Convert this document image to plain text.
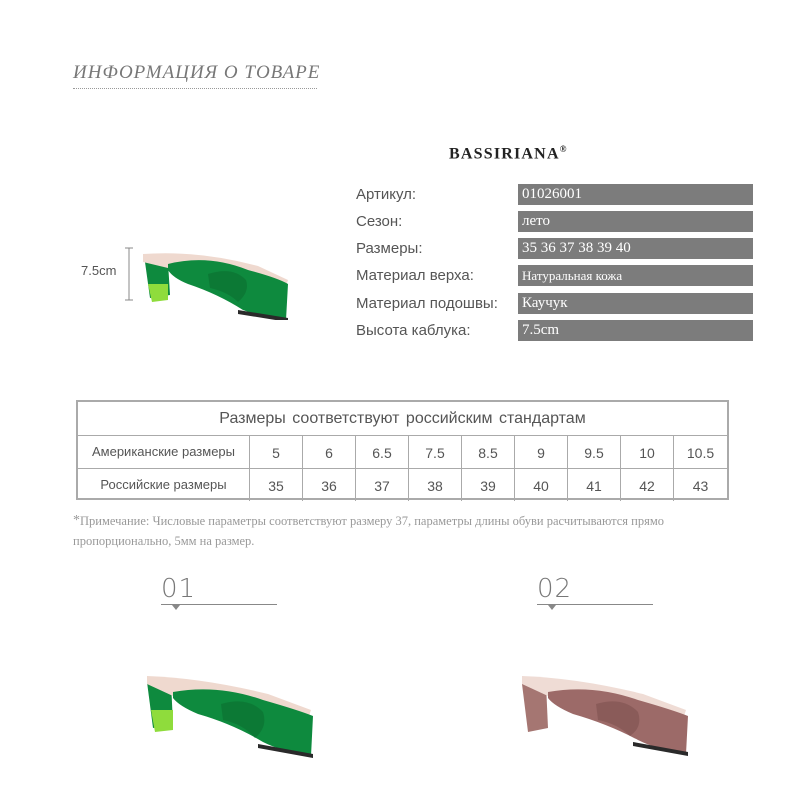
ИНФОРМАЦИЯ О ТОВАРЕ
BASSIRIANA®
Артикул:	01026001
Сезон:	лето
Размеры:	35 36 37 38 39 40
Материал верха:	Натуральная кожа
Материал подошвы: Каучук
Высота каблука:	7.5cm
7.5cm
Размеры соответствуют российским стандартам
Американские размеры	5	6	6.5	7.5	8.5	9	9.5	10	10.5
Российские размеры	35	36	37	38	39	40	41	42	43
*Примечание: Числовые параметры соответствуют размеру 37, параметры длины обуви расчитываются прямо пропорционально, 5мм на размер.
01	02
